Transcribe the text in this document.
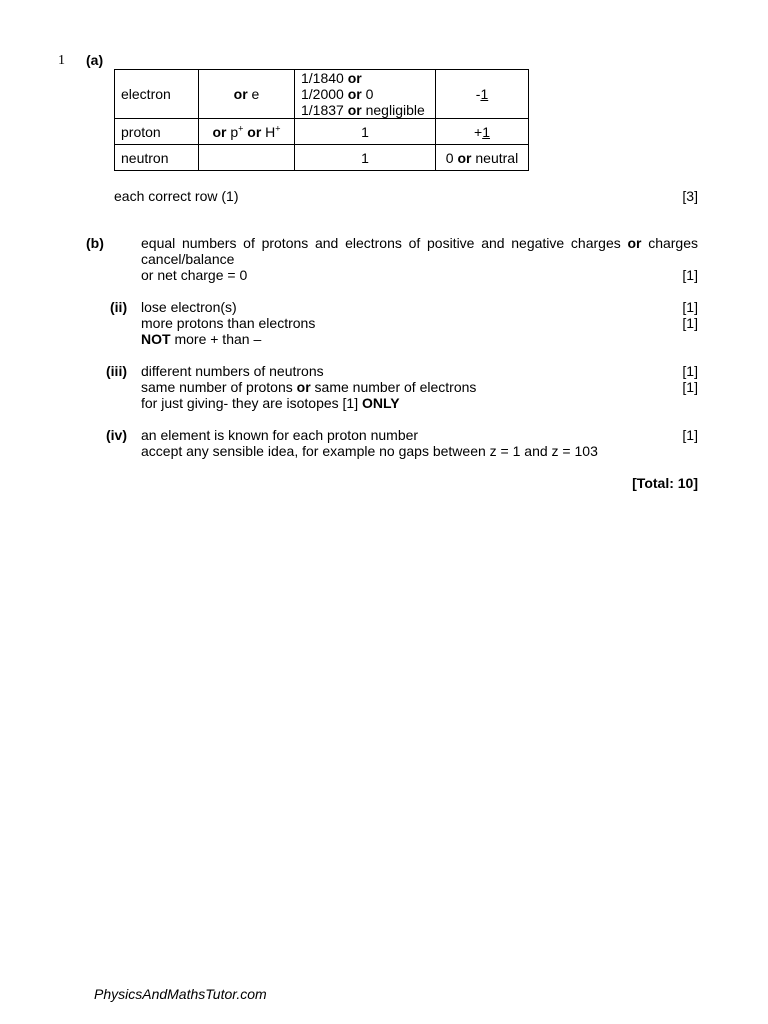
1 (a)
electron	or e	1/1840 or
1/2000 or 0
1/1837 or negligible	-1
proton	or p+ or H+	1	+1
neutron		1	0 or neutral
each correct row (1)	[3]
(b)	equal numbers of protons and electrons of positive and negative charges or charges
cancel/balance
or net charge = 0	[1]
(ii) lose electron(s)	[1]
more protons than electrons	[1]
NOT more + than –
(iii) different numbers of neutrons	[1]
same number of protons or same number of electrons	[1]
for just giving- they are isotopes [1] ONLY
(iv) an element is known for each proton number	[1]
accept any sensible idea, for example no gaps between z = 1 and z = 103
[Total: 10]
PhysicsAndMathsTutor.com
